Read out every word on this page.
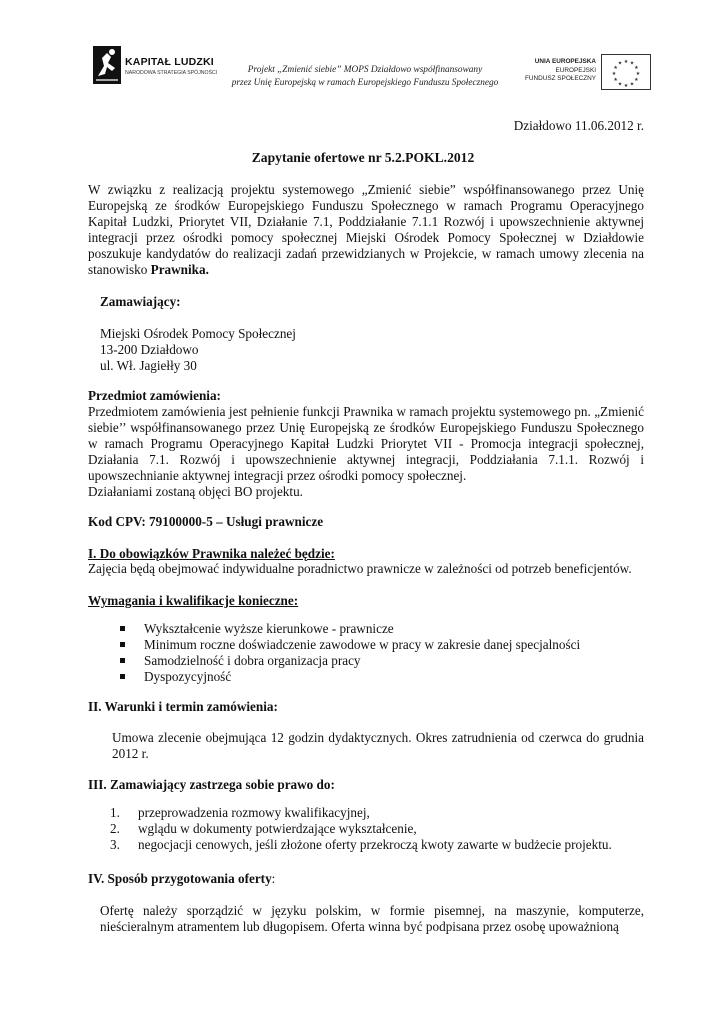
KAPITAŁ LUDZKI
NARODOWA STRATEGIA SPÓJNOŚCI	Projekt „Zmienić siebie” MOPS Działdowo współfinansowany
przez Unię Europejską w ramach Europejskiego Funduszu Społecznego
UNIA EUROPEJSKA
EUROPEJSKI
FUNDUSZ SPOŁECZNY
★ ★
★
★
★
★
★
★
★
★
★
★
Działdowo 11.06.2012 r.
Zapytanie ofertowe nr 5.2.POKL.2012
W związku z realizacją projektu systemowego „Zmienić siebie” współfinansowanego przez Unię Europejską ze środków Europejskiego Funduszu Społecznego w ramach Programu Operacyjnego Kapitał Ludzki, Priorytet VII, Działanie 7.1, Poddziałanie 7.1.1 Rozwój i upowszechnienie aktywnej integracji przez ośrodki pomocy społecznej Miejski Ośrodek Pomocy Społecznej w Działdowie poszukuje kandydatów do realizacji zadań przewidzianych w Projekcie, w ramach umowy zlecenia na stanowisko Prawnika.
Zamawiający:
Miejski Ośrodek Pomocy Społecznej
13-200 Działdowo
ul. Wł. Jagiełły 30
Przedmiot zamówienia:
Przedmiotem zamówienia jest pełnienie funkcji Prawnika w ramach projektu systemowego pn. „Zmienić siebie’’ współfinansowanego przez Unię Europejską ze środków Europejskiego Funduszu Społecznego w ramach Programu Operacyjnego Kapitał Ludzki Priorytet VII - Promocja integracji społecznej, Działania 7.1. Rozwój i upowszechnienie aktywnej integracji, Poddziałania 7.1.1. Rozwój i upowszechnianie aktywnej integracji przez ośrodki pomocy społecznej.
Działaniami zostaną objęci BO projektu.
Kod CPV: 79100000-5 – Usługi prawnicze
I. Do obowiązków Prawnika należeć będzie:
Zajęcia będą obejmować indywidualne poradnictwo prawnicze w zależności od potrzeb beneficjentów.
Wymagania i kwalifikacje konieczne:
Wykształcenie wyższe kierunkowe - prawnicze
Minimum roczne doświadczenie zawodowe w pracy w zakresie danej specjalności
Samodzielność i dobra organizacja pracy
Dyspozycyjność
II. Warunki i termin zamówienia:
Umowa zlecenie obejmująca 12 godzin dydaktycznych. Okres zatrudnienia od czerwca do grudnia 2012 r.
III. Zamawiający zastrzega sobie prawo do:
1. przeprowadzenia rozmowy kwalifikacyjnej,
2. wglądu w dokumenty potwierdzające wykształcenie,
3. negocjacji cenowych, jeśli złożone oferty przekroczą kwoty zawarte w budżecie projektu.
IV. Sposób przygotowania oferty:
Ofertę należy sporządzić w języku polskim, w formie pisemnej, na maszynie, komputerze, nieścieralnym atramentem lub długopisem. Oferta winna być podpisana przez osobę upoważnioną
